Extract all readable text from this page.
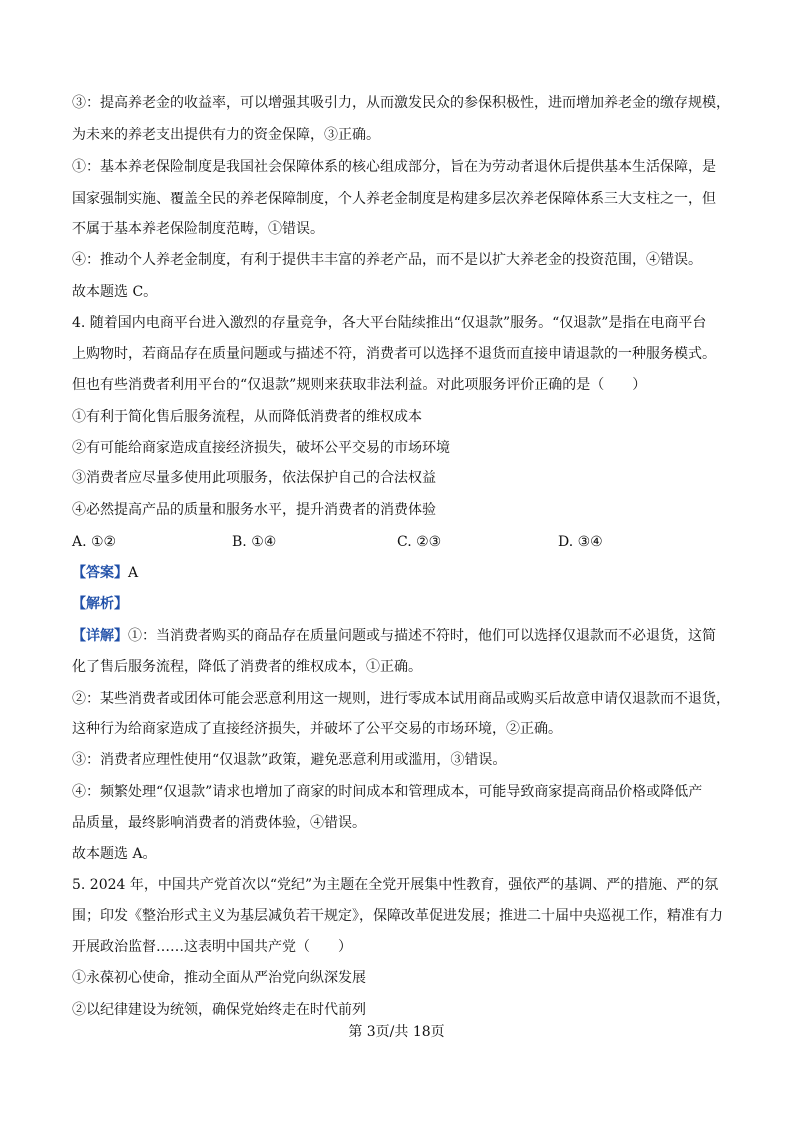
③：提高养老金的收益率，可以增强其吸引力，从而激发民众的参保积极性，进而增加养老金的缴存规模，
为未来的养老支出提供有力的资金保障，③正确。
①：基本养老保险制度是我国社会保障体系的核心组成部分，旨在为劳动者退休后提供基本生活保障，是
国家强制实施、覆盖全民的养老保障制度，个人养老金制度是构建多层次养老保障体系三大支柱之一，但
不属于基本养老保险制度范畴，①错误。
④：推动个人养老金制度，有利于提供丰丰富的养老产品，而不是以扩大养老金的投资范围，④错误。
故本题选 C。
4. 随着国内电商平台进入激烈的存量竞争，各大平台陆续推出“仅退款”服务。“仅退款”是指在电商平台
上购物时，若商品存在质量问题或与描述不符，消费者可以选择不退货而直接申请退款的一种服务模式。
但也有些消费者利用平台的“仅退款”规则来获取非法利益。对此项服务评价正确的是（　　）
①有利于简化售后服务流程，从而降低消费者的维权成本
②有可能给商家造成直接经济损失，破坏公平交易的市场环境
③消费者应尽量多使用此项服务，依法保护自己的合法权益
④必然提高产品的质量和服务水平，提升消费者的消费体验
A. ①②	B. ①④	C. ②③	D. ③④
【答案】A
【解析】
【详解】①：当消费者购买的商品存在质量问题或与描述不符时，他们可以选择仅退款而不必退货，这简
化了售后服务流程，降低了消费者的维权成本，①正确。
②：某些消费者或团体可能会恶意利用这一规则，进行零成本试用商品或购买后故意申请仅退款而不退货，
这种行为给商家造成了直接经济损失，并破坏了公平交易的市场环境，②正确。
③：消费者应理性使用“仅退款”政策，避免恶意利用或滥用，③错误。
④：频繁处理“仅退款”请求也增加了商家的时间成本和管理成本，可能导致商家提高商品价格或降低产
品质量，最终影响消费者的消费体验，④错误。
故本题选 A。
5. 2024 年，中国共产党首次以“党纪”为主题在全党开展集中性教育，强依严的基调、严的措施、严的氛
围；印发《整治形式主义为基层减负若干规定》，保障改革促进发展；推进二十届中央巡视工作，精准有力
开展政治监督……这表明中国共产党（　　）
①永葆初心使命，推动全面从严治党向纵深发展
②以纪律建设为统领，确保党始终走在时代前列
第 3页/共 18页
